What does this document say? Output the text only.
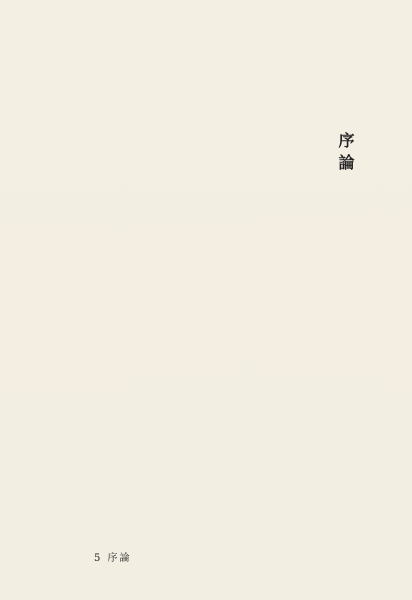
序論
5 序論
